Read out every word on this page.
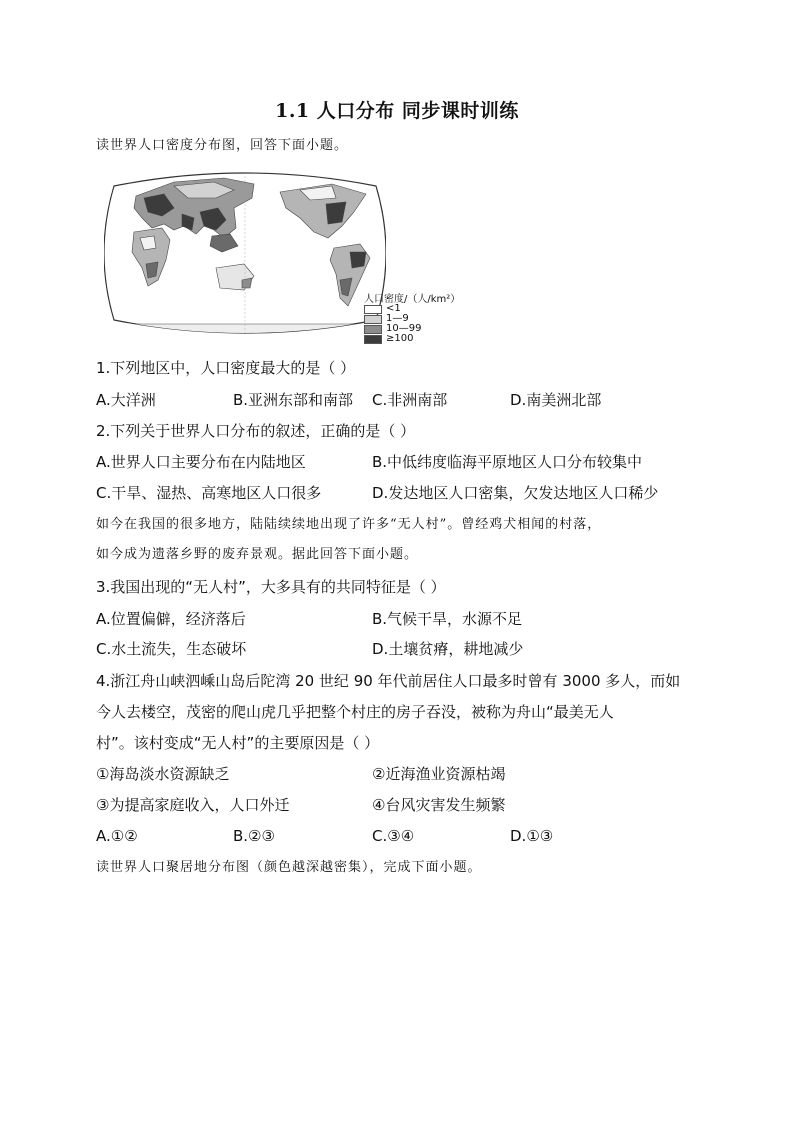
1.1 人口分布 同步课时训练
读世界人口密度分布图，回答下面小题。
人口密度/（人/km²）
<1
1—9
10—99
≥100
1.下列地区中，人口密度最大的是（ ）
A.大洋洲	B.亚洲东部和南部 C.非洲南部	D.南美洲北部
2.下列关于世界人口分布的叙述，正确的是（ ）
A.世界人口主要分布在内陆地区	B.中低纬度临海平原地区人口分布较集中
C.干旱、湿热、高寒地区人口很多	D.发达地区人口密集，欠发达地区人口稀少
如今在我国的很多地方，陆陆续续地出现了许多“无人村”。曾经鸡犬相闻的村落，
如今成为遗落乡野的废弃景观。据此回答下面小题。
3.我国出现的“无人村”，大多具有的共同特征是（ ）
A.位置偏僻，经济落后	B.气候干旱，水源不足
C.水土流失，生态破坏	D.土壤贫瘠，耕地减少
4.浙江舟山峡泗嵊山岛后陀湾 20 世纪 90 年代前居住人口最多时曾有 3000 多人，而如
今人去楼空，茂密的爬山虎几乎把整个村庄的房子吞没，被称为舟山“最美无人
村”。该村变成“无人村”的主要原因是（ ）
①海岛淡水资源缺乏	②近海渔业资源枯竭
③为提高家庭收入，人口外迁	④台风灾害发生频繁
A.①②	B.②③	C.③④	D.①③
读世界人口聚居地分布图（颜色越深越密集），完成下面小题。
